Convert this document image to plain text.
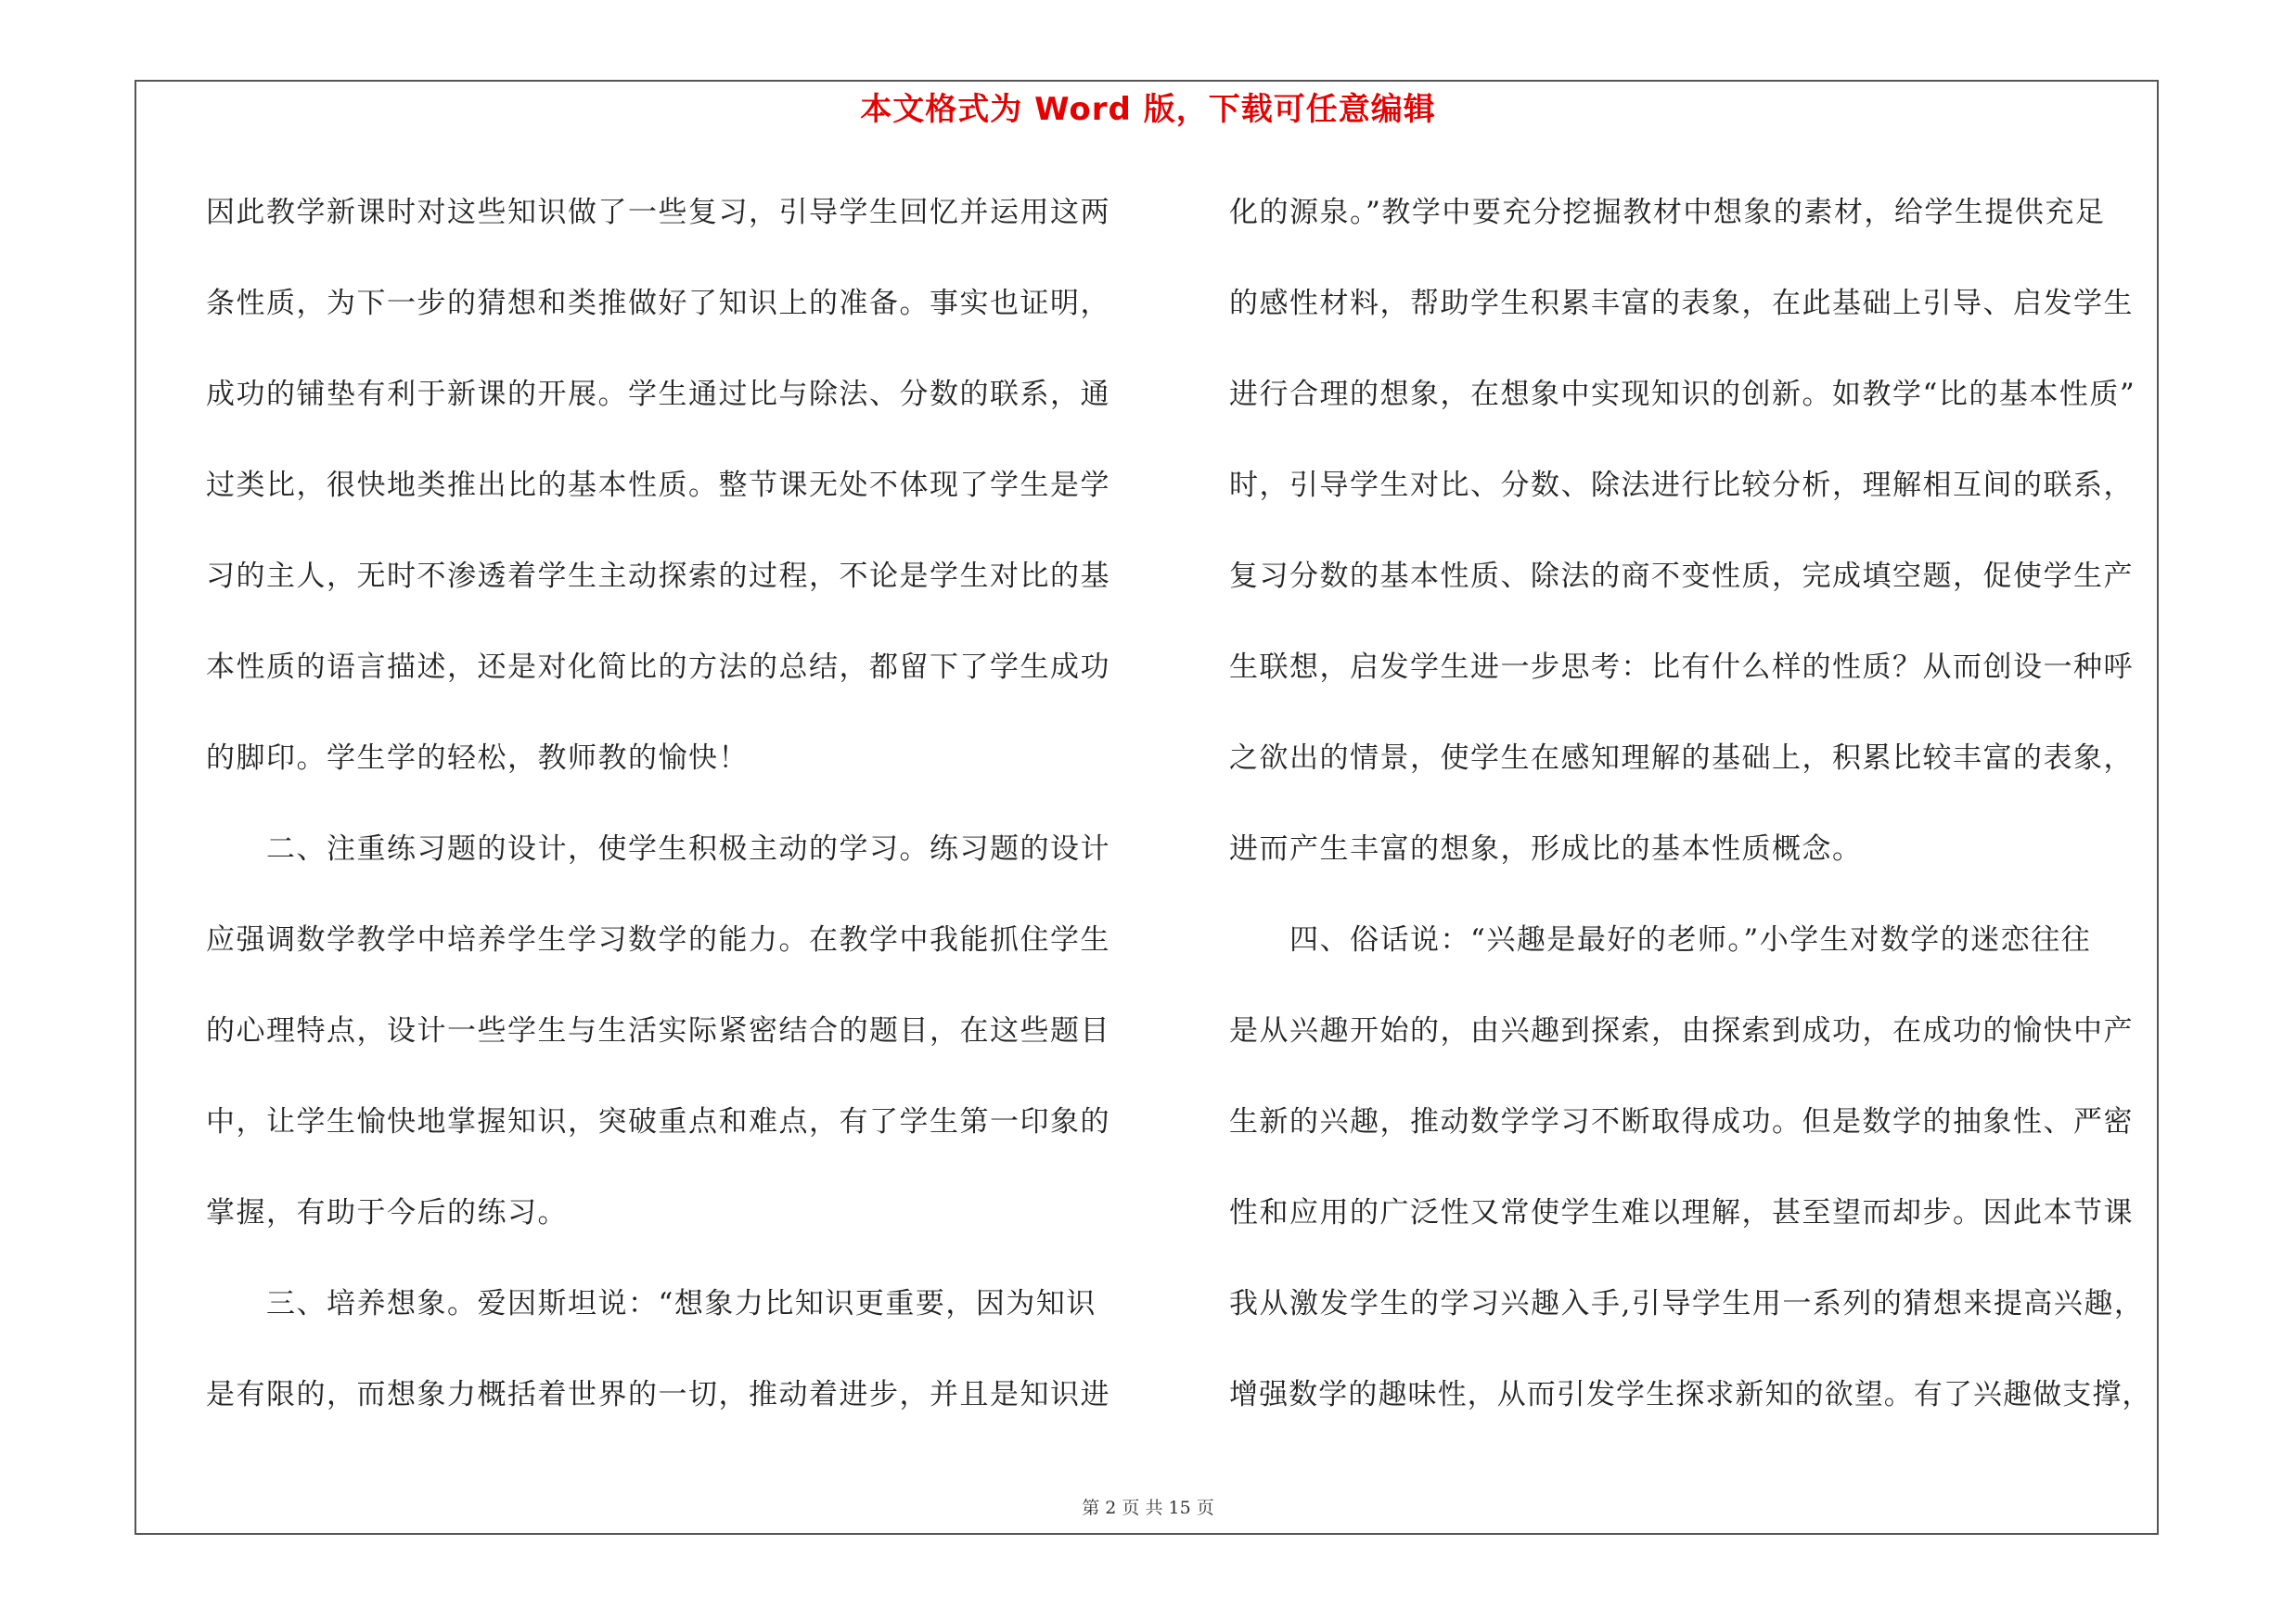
本文格式为 Word 版，下载可任意编辑
因此教学新课时对这些知识做了一些复习，引导学生回忆并运用这两
条性质，为下一步的猜想和类推做好了知识上的准备。事实也证明，
成功的铺垫有利于新课的开展。学生通过比与除法、分数的联系，通
过类比，很快地类推出比的基本性质。整节课无处不体现了学生是学
习的主人，无时不渗透着学生主动探索的过程，不论是学生对比的基
本性质的语言描述，还是对化简比的方法的总结，都留下了学生成功
的脚印。学生学的轻松，教师教的愉快！
　　二、注重练习题的设计，使学生积极主动的学习。练习题的设计
应强调数学教学中培养学生学习数学的能力。在教学中我能抓住学生
的心理特点，设计一些学生与生活实际紧密结合的题目，在这些题目
中，让学生愉快地掌握知识，突破重点和难点，有了学生第一印象的
掌握，有助于今后的练习。
　　三、培养想象。爱因斯坦说：“想象力比知识更重要，因为知识
是有限的，而想象力概括着世界的一切，推动着进步，并且是知识进
化的源泉。”教学中要充分挖掘教材中想象的素材，给学生提供充足
的感性材料，帮助学生积累丰富的表象，在此基础上引导、启发学生
进行合理的想象，在想象中实现知识的创新。如教学“比的基本性质”
时，引导学生对比、分数、除法进行比较分析，理解相互间的联系，
复习分数的基本性质、除法的商不变性质，完成填空题，促使学生产
生联想，启发学生进一步思考：比有什么样的性质？从而创设一种呼
之欲出的情景，使学生在感知理解的基础上，积累比较丰富的表象，
进而产生丰富的想象，形成比的基本性质概念。
　　四、俗话说：“兴趣是最好的老师。”小学生对数学的迷恋往往
是从兴趣开始的，由兴趣到探索，由探索到成功，在成功的愉快中产
生新的兴趣，推动数学学习不断取得成功。但是数学的抽象性、严密
性和应用的广泛性又常使学生难以理解，甚至望而却步。因此本节课
我从激发学生的学习兴趣入手,引导学生用一系列的猜想来提高兴趣，
增强数学的趣味性，从而引发学生探求新知的欲望。有了兴趣做支撑，
第 2 页 共 15 页
